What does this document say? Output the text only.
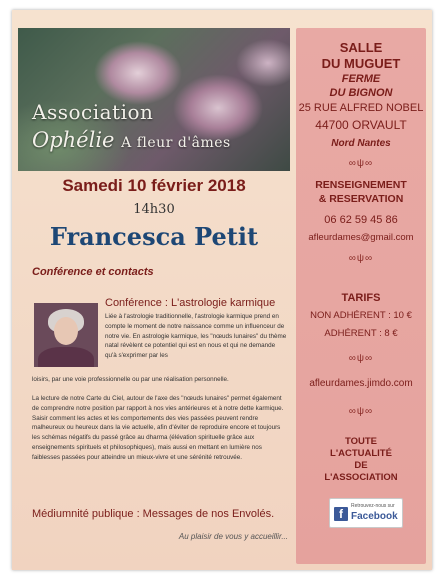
Association
Ophélie A fleur d'âmes
Samedi 10 février 2018
14h30
Francesca Petit
Conférence et contacts
Conférence : L'astrologie karmique
Liée à l'astrologie traditionnelle, l'astrologie karmique prend en compte le moment de notre naissance comme un influenceur de notre vie. En astrologie karmique, les "nœuds lunaires" du thème natal révèlent ce potentiel qui est en nous et qui ne demande qu'à s'exprimer par les
loisirs, par une voie professionnelle ou par une réalisation personnelle.
La lecture de notre Carte du Ciel, autour de l'axe des "nœuds lunaires" permet également de comprendre notre position par rapport à nos vies antérieures et à notre dette karmique. Saisir comment les actes et les comportements des vies passées peuvent rendre malheureux ou heureux dans la vie actuelle, afin d'éviter de reproduire encore et toujours les schémas négatifs du passé grâce au dharma (élévation spirituelle grâce aux enseignements spirituels et philosophiques), mais aussi en mettant en lumière nos faiblesses passées pour atteindre un mieux-vivre et une sérénité retrouvée.
Médiumnité publique : Messages de nos Envolés.
Au plaisir de vous y accueillir...
SALLE
DU MUGUET
FERME
DU BIGNON
25 RUE ALFRED NOBEL
44700 ORVAULT
Nord Nantes
∞ψ∞
RENSEIGNEMENT
& RESERVATION
06 62 59 45 86
afleurdames@gmail.com
∞ψ∞
TARIFS
NON ADHÉRENT : 10 €
ADHÉRENT : 8 €
∞ψ∞
afleurdames.jimdo.com
∞ψ∞
TOUTE
L'ACTUALITÉ
DE
L'ASSOCIATION
f
Retrouvez-nous sur
Facebook
